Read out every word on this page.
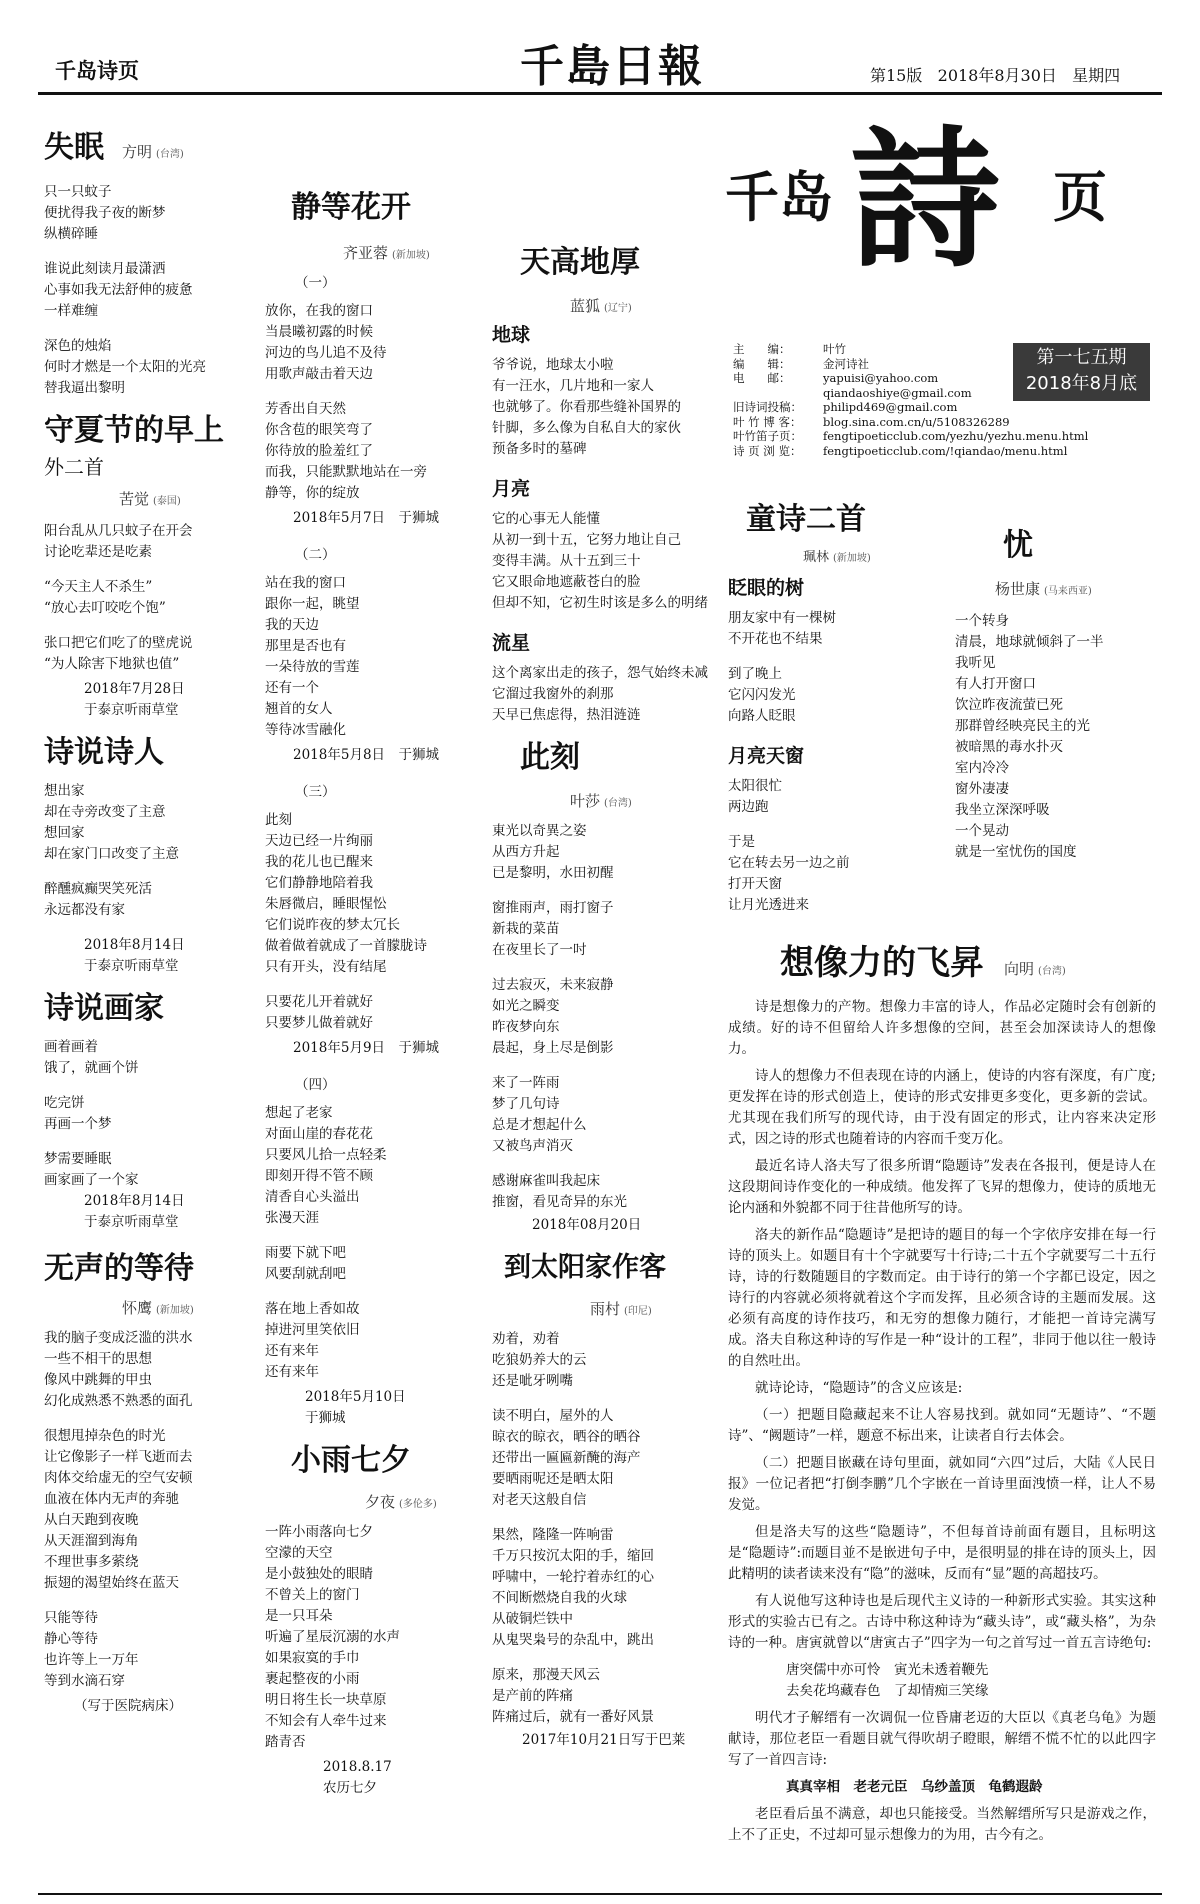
千岛诗页	千島日報	第15版 2018年8月30日 星期四
失眠 方明 (台湾)
只一只蚊子
便扰得我子夜的断梦
纵横碎睡
谁说此刻读月最潇洒
心事如我无法舒伸的疲惫
一样难缠
深色的烛焰
何时才燃是一个太阳的光亮
替我逼出黎明
守夏节的早上
外二首
苦觉 (泰国)
阳台乱从几只蚊子在开会
讨论吃辈还是吃素
“今天主人不杀生”
“放心去叮咬吃个饱”
张口把它们吃了的壁虎说
“为人除害下地狱也值”
2018年7月28日
于泰京听雨草堂
诗说诗人
想出家
却在寺旁改变了主意
想回家
却在家门口改变了主意
醉醺疯癫哭笑死活
永远都没有家
2018年8月14日
于泰京听雨草堂
诗说画家
画着画着
饿了，就画个饼
吃完饼
再画一个梦
梦需要睡眠
画家画了一个家
2018年8月14日
于泰京听雨草堂
无声的等待
怀鹰 (新加坡)
我的脑子变成泛滥的洪水
一些不相干的思想
像风中跳舞的甲虫
幻化成熟悉不熟悉的面孔
很想甩掉杂色的时光
让它像影子一样飞逝而去
肉体交给虚无的空气安顿
血液在体内无声的奔驰
从白天跑到夜晚
从天涯溜到海角
不理世事多萦绕
振翅的渴望始终在蓝天
只能等待
静心等待
也许等上一万年
等到水滴石穿
（写于医院病床）
静等花开
齐亚蓉 (新加坡)
（一）
放你，在我的窗口
当晨曦初露的时候
河边的鸟儿追不及待
用歌声敲击着天边
芳香出自天然
你含苞的眼笑弯了
你待放的脸羞红了
而我，只能默默地站在一旁
静等，你的绽放
2018年5月7日　于狮城
（二）
站在我的窗口
跟你一起，眺望
我的天边
那里是否也有
一朵待放的雪莲
还有一个
翘首的女人
等待冰雪融化
2018年5月8日　于狮城
（三）
此刻
天边已经一片绚丽
我的花儿也已醒来
它们静静地陪着我
朱唇微启，睡眼惺忪
它们说昨夜的梦太冗长
做着做着就成了一首朦胧诗
只有开头，没有结尾
只要花儿开着就好
只要梦儿做着就好
2018年5月9日　于狮城
（四）
想起了老家
对面山崖的春花花
只要风儿拾一点轻柔
即刻开得不管不顾
清香自心头溢出
张漫天涯
雨要下就下吧
风要刮就刮吧
落在地上香如故
掉进河里笑依旧
还有来年
还有来年
2018年5月10日
于狮城
小雨七夕
夕夜 (多伦多)
一阵小雨落向七夕
空濛的天空
是小鼓独处的眼睛
不曾关上的窗门
是一只耳朵
听遍了星辰沉溺的水声
如果寂寞的手巾
裹起整夜的小雨
明日将生长一块草原
不知会有人牵牛过来
踏青否
2018.8.17
农历七夕
天高地厚
蓝狐 (辽宁)
地球
爷爷说，地球太小啦
有一汪水，几片地和一家人
也就够了。你看那些缝补国界的
针脚，多么像为自私自大的家伙
预备多时的墓碑
月亮
它的心事无人能懂
从初一到十五，它努力地让自己
变得丰满。从十五到三十
它又眼命地遮蔽苍白的脸
但却不知，它初生时该是多么的明绪
流星
这个离家出走的孩子，怨气始终未减
它溜过我窗外的刹那
天早已焦虑得，热泪涟涟
此刻
叶莎 (台湾)
東光以奇異之姿
从西方升起
已是黎明，水田初醒
窗推雨声，雨打窗子
新栽的菜苗
在夜里长了一吋
过去寂灭，未来寂静
如光之瞬变
昨夜梦向东
晨起，身上尽是倒影
来了一阵雨
梦了几句诗
总是才想起什么
又被鸟声消灭
感谢麻雀叫我起床
推窗，看见奇异的东光
2018年08月20日
到太阳家作客
雨村 (印尼)
劝着，劝着
吃狼奶养大的云
还是呲牙咧嘴
读不明白，屋外的人
晾衣的晾衣，晒谷的晒谷
还带出一匾匾新醃的海产
要晒雨呢还是晒太阳
对老天这般自信
果然，隆隆一阵响雷
千万只按沉太阳的手，缩回
呼啸中，一轮拧着赤红的心
不间断燃烧自我的火球
从破铜烂铁中
从鬼哭枭号的杂乱中，跳出
原来，那漫天风云
是产前的阵痛
阵痛过后，就有一番好风景
2017年10月21日写于巴莱
千岛 詩 页
主　　编：	叶竹
编　　辑：	金河诗社
电　　邮：	yapuisi@yahoo.com
qiandaoshiye@gmail.com
旧诗词投稿： philipd469@gmail.com
叶 竹 博 客： blog.sina.com.cn/u/5108326289
叶竹笛子页： fengtipoeticclub.com/yezhu/yezhu.menu.html
诗 页 浏 览： fengtipoeticclub.com/!qiandao/menu.html
第一七五期
2018年8月底
童诗二首
珮林 (新加坡)
眨眼的树
朋友家中有一棵树
不开花也不结果
到了晚上
它闪闪发光
向路人眨眼
月亮天窗
太阳很忙
两边跑
于是
它在转去另一边之前
打开天窗
让月光透进来
忧
杨世康 (马来西亚)
一个转身
清晨，地球就倾斜了一半
我听见
有人打开窗口
饮泣昨夜流萤已死
那群曾经映亮民主的光
被暗黑的毒水扑灭
室内冷冷
窗外凄凄
我坐立深深呼吸
一个晃动
就是一室忧伤的国度
想像力的飞昇 向明 (台湾)

诗是想像力的产物。想像力丰富的诗人，作品必定随时会有创新的成绩。好的诗不但留给人许多想像的空间，甚至会加深读诗人的想像力。

诗人的想像力不但表现在诗的内涵上，使诗的内容有深度，有广度;更发挥在诗的形式创造上，使诗的形式安排更多变化，更多新的尝试。尤其现在我们所写的现代诗，由于没有固定的形式，让内容来决定形式，因之诗的形式也随着诗的内容而千变万化。

最近名诗人洛夫写了很多所谓“隐题诗”发表在各报刊，便是诗人在这段期间诗作变化的一种成绩。他发挥了飞昇的想像力，使诗的质地无论内涵和外貌都不同于往昔他所写的诗。

洛夫的新作品“隐题诗”是把诗的题目的每一个字依序安排在每一行诗的顶头上。如题目有十个字就要写十行诗;二十五个字就要写二十五行诗，诗的行数随题目的字数而定。由于诗行的第一个字都已设定，因之诗行的内容就必须将就着这个字而发挥，且必须含诗的主题而发展。这必须有高度的诗作技巧，和无穷的想像力随行，才能把一首诗完满写成。洛夫自称这种诗的写作是一种“设计的工程”，非同于他以往一般诗的自然吐出。

就诗论诗，“隐题诗”的含义应该是:

（一）把题目隐藏起来不让人容易找到。就如同“无题诗”、“不题诗”、“阙题诗”一样，题意不标出来，让读者自行去体会。

（二）把题目嵌藏在诗句里面，就如同“六四”过后，大陆《人民日报》一位记者把“打倒李鹏”几个字嵌在一首诗里面洩愤一样，让人不易发觉。

但是洛夫写的这些“隐题诗”，不但每首诗前面有题目，且标明这是“隐题诗”:而题目並不是嵌进句子中，是很明显的排在诗的顶头上，因此精明的读者读来没有“隐”的滋味，反而有“显”题的高超技巧。

有人说他写这种诗也是后现代主义诗的一种新形式实验。其实这种形式的实验古已有之。古诗中称这种诗为“藏头诗”，或“藏头格”，为杂诗的一种。唐寅就曾以“唐寅古子”四字为一句之首写过一首五言诗绝句:

唐突儒中亦可怜　寅光未透着鞭先

去矣花坞藏春色　了却情痴三笑缘

明代才子解缙有一次调侃一位昏庸老迈的大臣以《真老乌龟》为题献诗，那位老臣一看题目就气得吹胡子瞪眼，解缙不慌不忙的以此四字写了一首四言诗:

真真宰相　老老元臣　乌纱盖顶　龟鹤遐龄

老臣看后虽不满意，却也只能接受。当然解缙所写只是游戏之作，上不了正史，不过却可显示想像力的为用，古今有之。
